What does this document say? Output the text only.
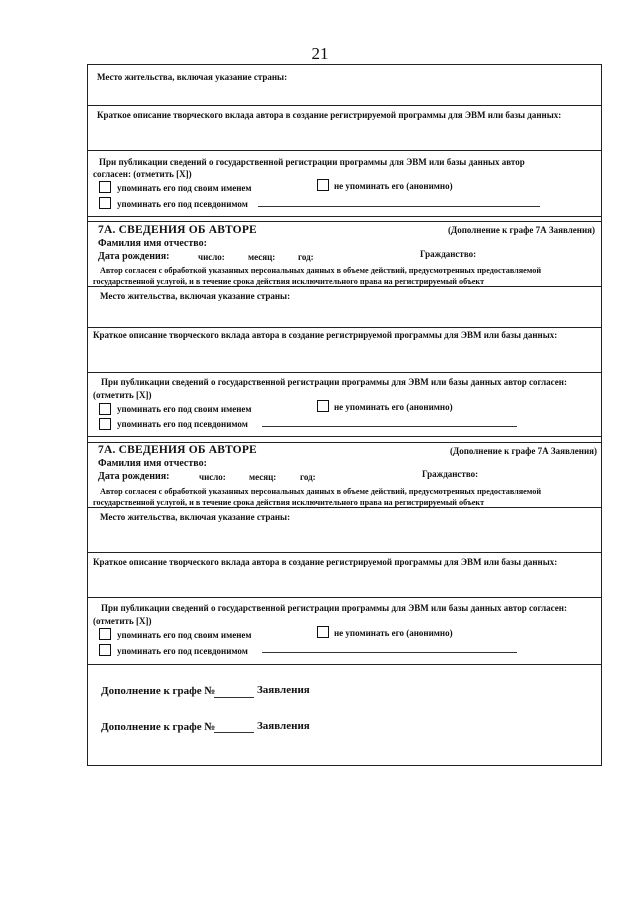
21
Место жительства, включая указание страны:
Краткое описание творческого вклада автора в создание регистрируемой программы для ЭВМ или базы данных:
При публикации сведений о государственной регистрации программы для ЭВМ или базы данных автор
согласен: (отметить [X])
упоминать его под своим именем	не упоминать его (анонимно)
упоминать его под псевдонимом
7А. СВЕДЕНИЯ ОБ АВТОРЕ	(Дополнение к графе 7А Заявления)
Фамилия имя отчество:
Дата рождения:	число:	месяц:	год:	Гражданство:
Автор согласен с обработкой указанных персональных данных в объеме действий, предусмотренных предоставляемой
государственной услугой, и в течение срока действия исключительного права на регистрируемый объект
Место жительства, включая указание страны:
Краткое описание творческого вклада автора в создание регистрируемой программы для ЭВМ или базы данных:
При публикации сведений о государственной регистрации программы для ЭВМ или базы данных автор согласен:
(отметить [X])
упоминать его под своим именем	не упоминать его (анонимно)
упоминать его под псевдонимом
7А. СВЕДЕНИЯ ОБ АВТОРЕ	(Дополнение к графе 7А Заявления)
Фамилия имя отчество:
Дата рождения:	число:	месяц:	год:	Гражданство:
Автор согласен с обработкой указанных персональных данных в объеме действий, предусмотренных предоставляемой
государственной услугой, и в течение срока действия исключительного права на регистрируемый объект
Место жительства, включая указание страны:
Краткое описание творческого вклада автора в создание регистрируемой программы для ЭВМ или базы данных:
При публикации сведений о государственной регистрации программы для ЭВМ или базы данных автор согласен:
(отметить [X])
упоминать его под своим именем	не упоминать его (анонимно)
упоминать его под псевдонимом
Дополнение к графе №	Заявления
Дополнение к графе №	Заявления
